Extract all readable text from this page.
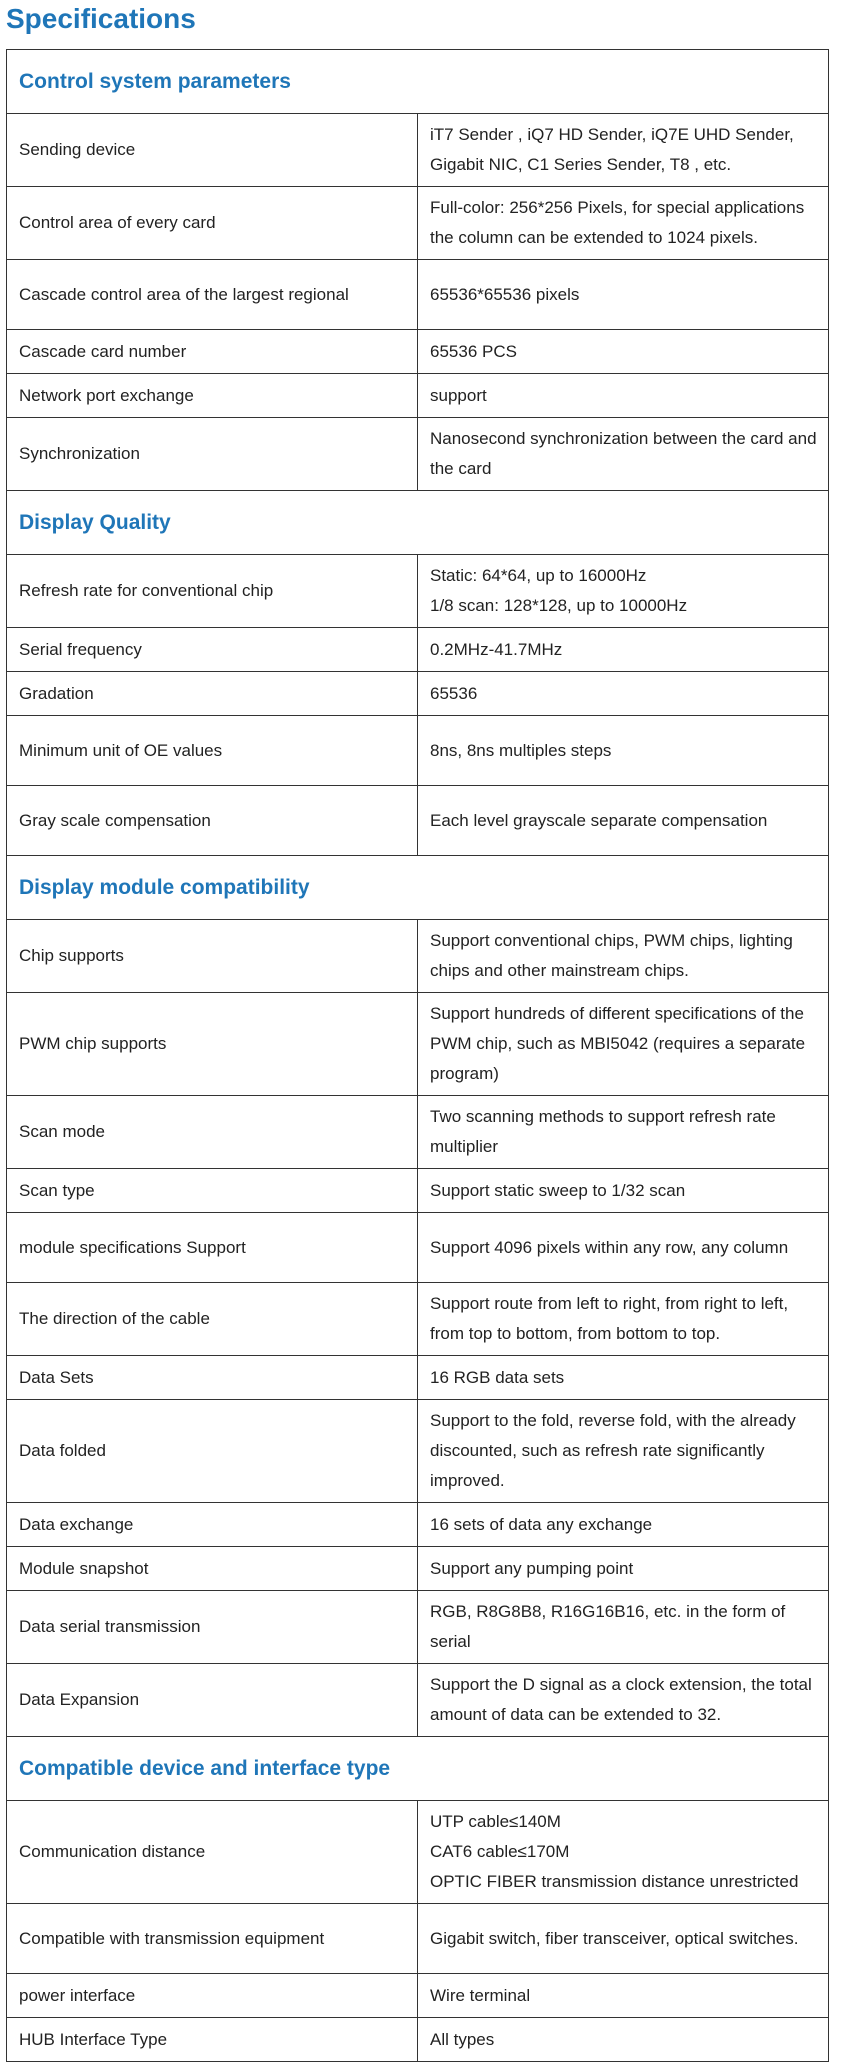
Specifications
Control system parameters	
Sending device	iT7 Sender , iQ7 HD Sender, iQ7E UHD Sender, Gigabit NIC, C1 Series Sender, T8 , etc.
Control area of every card	Full-color: 256*256 Pixels, for special applications the column can be extended to 1024 pixels.
Cascade control area of the largest regional	65536*65536 pixels
Cascade card number	65536 PCS
Network port exchange	support
Synchronization	Nanosecond synchronization between the card and the card
Display Quality	
Refresh rate for conventional chip	Static: 64*64, up to 16000Hz
1/8 scan: 128*128, up to 10000Hz

Serial frequency	0.2MHz-41.7MHz
Gradation	65536
Minimum unit of OE values	8ns, 8ns multiples steps
Gray scale compensation	Each level grayscale separate compensation
Display module compatibility	
Chip supports	Support conventional chips, PWM chips, lighting chips and other mainstream chips.
PWM chip supports	Support hundreds of different specifications of the PWM chip, such as MBI5042 (requires a separate program)
Scan mode	Two scanning methods to support refresh rate multiplier
Scan type	Support static sweep to 1/32 scan
module specifications Support	Support 4096 pixels within any row, any column
The direction of the cable	Support route from left to right, from right to left, from top to bottom, from bottom to top.
Data Sets	16 RGB data sets
Data folded	Support to the fold, reverse fold, with the already discounted, such as refresh rate significantly improved.
Data exchange	16 sets of data any exchange
Module snapshot	Support any pumping point
Data serial transmission	RGB, R8G8B8, R16G16B16, etc. in the form of serial
Data Expansion	Support the D signal as a clock extension, the total amount of data can be extended to 32.
Compatible device and interface type	
Communication distance	UTP cable≤140M
CAT6 cable≤170M
OPTIC FIBER transmission distance unrestricted

Compatible with transmission equipment	Gigabit switch, fiber transceiver, optical switches.
power interface	Wire terminal
HUB Interface Type	All types
